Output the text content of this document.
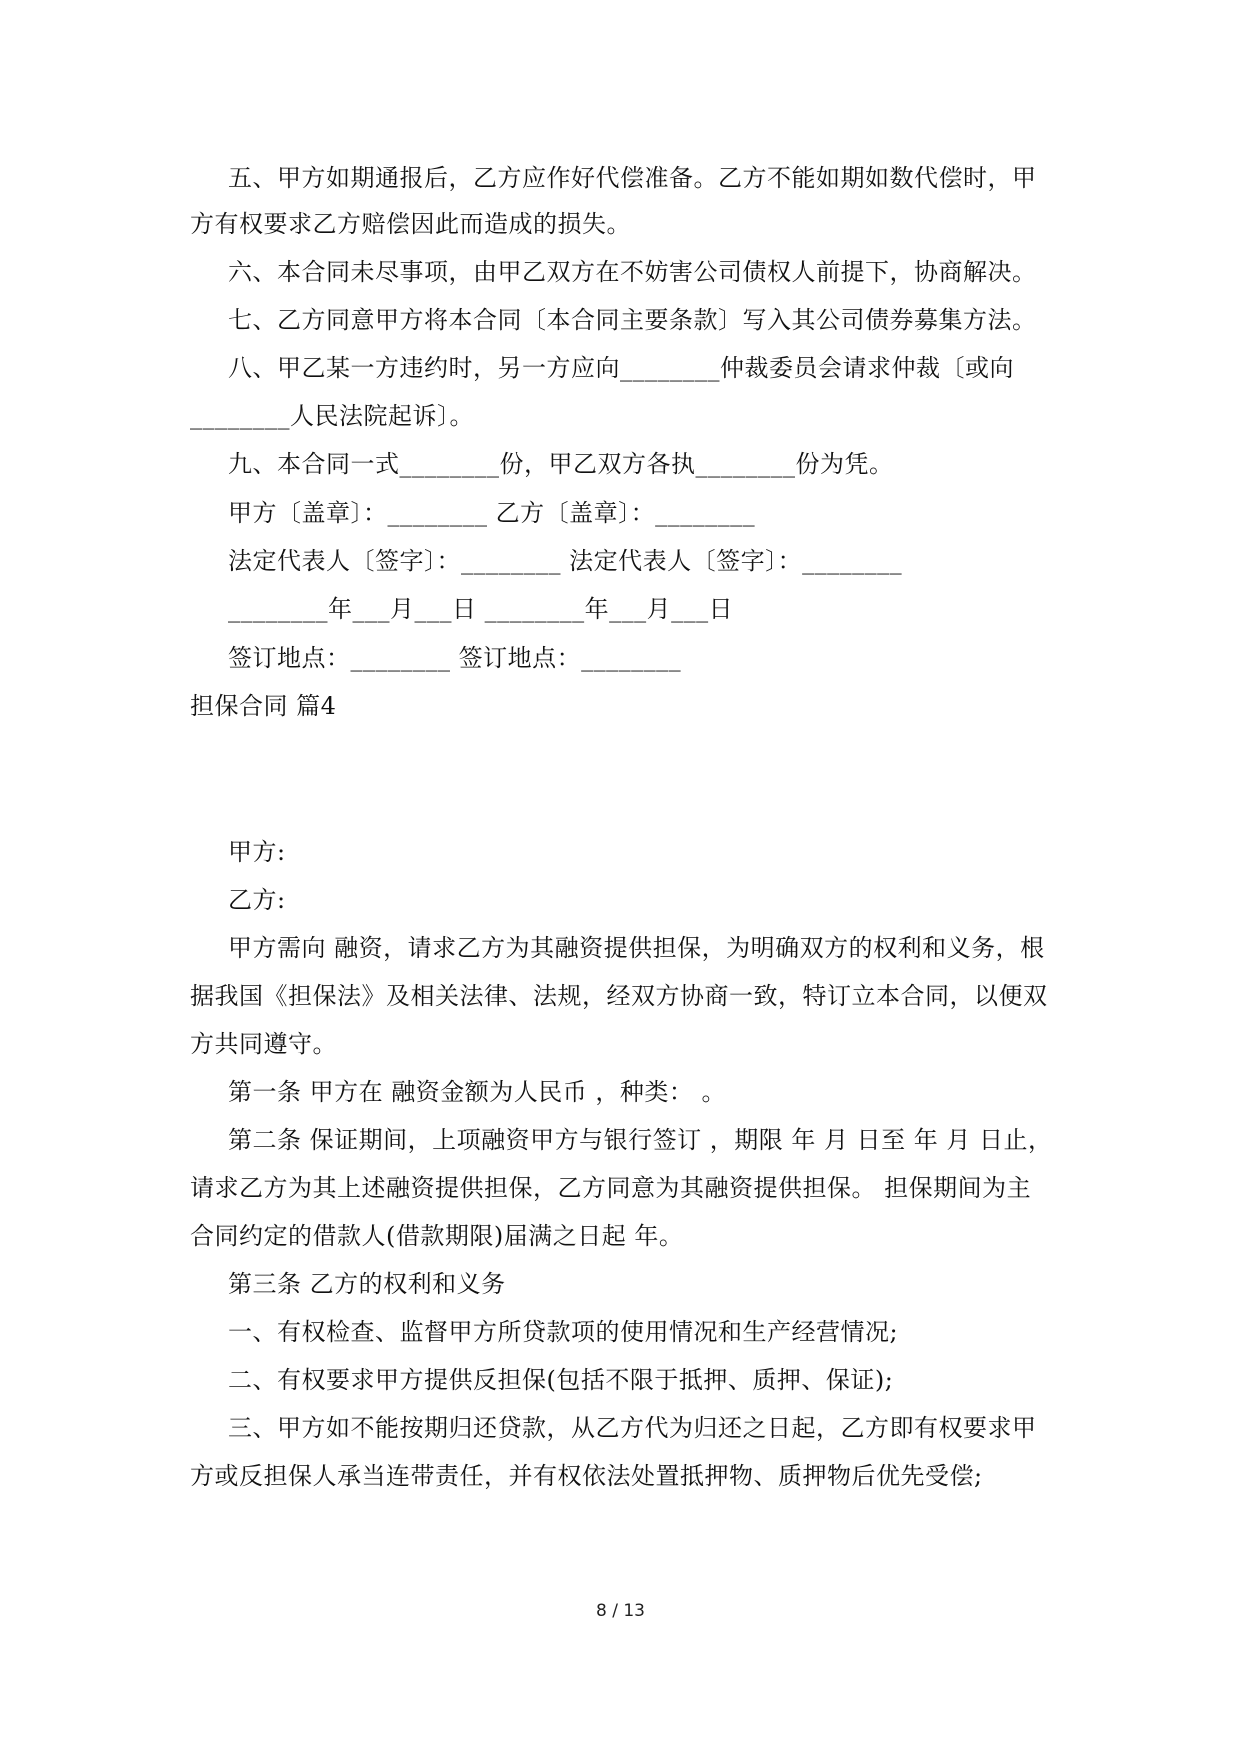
五、甲方如期通报后，乙方应作好代偿准备。乙方不能如期如数代偿时，甲
方有权要求乙方赔偿因此而造成的损失。
六、本合同未尽事项，由甲乙双方在不妨害公司债权人前提下，协商解决。
七、乙方同意甲方将本合同〔本合同主要条款〕写入其公司债券募集方法。
八、甲乙某一方违约时，另一方应向________仲裁委员会请求仲裁〔或向
________人民法院起诉〕。
九、本合同一式________份，甲乙双方各执________份为凭。
甲方〔盖章〕：________ 乙方〔盖章〕：________
法定代表人〔签字〕：________ 法定代表人〔签字〕：________
________年___月___日 ________年___月___日
签订地点：________ 签订地点：________
担保合同 篇4
甲方:
乙方:
甲方需向 融资，请求乙方为其融资提供担保，为明确双方的权利和义务，根
据我国《担保法》及相关法律、法规，经双方协商一致，特订立本合同，以便双
方共同遵守。
第一条 甲方在 融资金额为人民币 ，种类： 。
第二条 保证期间，上项融资甲方与银行签订 ，期限 年 月 日至 年 月 日止，
请求乙方为其上述融资提供担保，乙方同意为其融资提供担保。 担保期间为主
合同约定的借款人(借款期限)届满之日起 年。
第三条 乙方的权利和义务
一、有权检查、监督甲方所贷款项的使用情况和生产经营情况;
二、有权要求甲方提供反担保(包括不限于抵押、质押、保证);
三、甲方如不能按期归还贷款，从乙方代为归还之日起，乙方即有权要求甲
方或反担保人承当连带责任，并有权依法处置抵押物、质押物后优先受偿;
8 / 13
